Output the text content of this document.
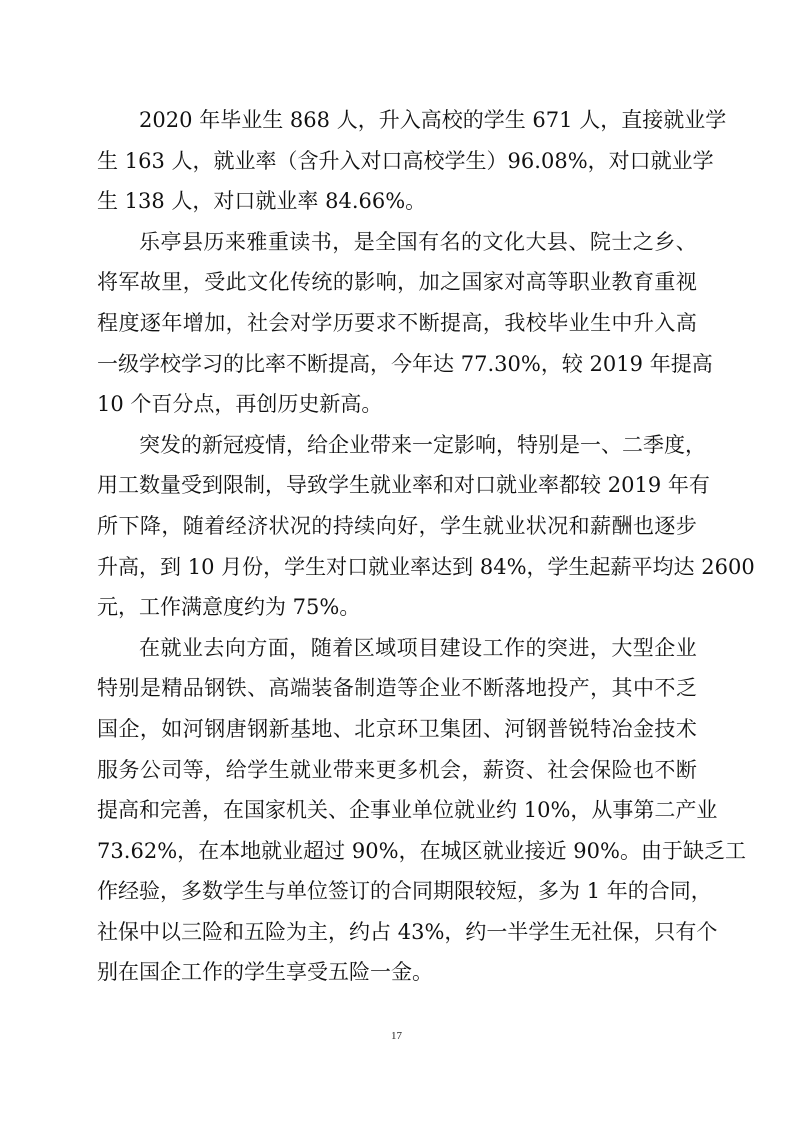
2 0 2 0
年 毕 业 生
8 6 8
人 ， 升 入 高 校 的 学 生
6 7 1
人 ， 直 接 就 业 学
生
1 6 3
人 ， 就 业 率 （ 含 升 入 对 口 高 校 学 生 ） 9 6 . 0 8 % ， 对 口 就 业 学
生 138 人，对口就业率 84.66%。
乐 亭 县 历 来 雅 重 读 书 ， 是 全 国 有 名 的 文 化 大 县 、 院 士 之 乡 、
将 军 故 里 ， 受 此 文 化 传 统 的 影 响 ， 加 之 国 家 对 高 等 职 业 教 育 重 视
程 度 逐 年 增 加 ， 社 会 对 学 历 要 求 不 断 提 高 ， 我 校 毕 业 生 中 升 入 高
一 级 学 校 学 习 的 比 率 不 断 提 高 ， 今 年 达
7 7 . 3 0 % ， 较
2 0 1 9
年 提 高
10 个百分点，再创历史新高。
突 发 的 新 冠 疫 情 ， 给 企 业 带 来 一 定 影 响 ， 特 别 是 一 、 二 季 度 ，
用 工 数 量 受 到 限 制 ， 导 致 学 生 就 业 率 和 对 口 就 业 率 都 较
2 0 1 9
年 有
所 下 降 ， 随 着 经 济 状 况 的 持 续 向 好 ， 学 生 就 业 状 况 和 薪 酬 也 逐 步
升 高 ， 到
1 0
月 份 ， 学 生 对 口 就 业 率 达 到
8 4 % ， 学 生 起 薪 平 均 达
2 6 0 0
元，工作满意度约为 75%。
在 就 业 去 向 方 面 ， 随 着 区 域 项 目 建 设 工 作 的 突 进 ， 大 型 企 业
特 别 是 精 品 钢 铁 、 高 端 装 备 制 造 等 企 业 不 断 落 地 投 产 ， 其 中 不 乏
国 企 ， 如 河 钢 唐 钢 新 基 地 、 北 京 环 卫 集 团 、 河 钢 普 锐 特 冶 金 技 术
服 务 公 司 等 ， 给 学 生 就 业 带 来 更 多 机 会 ， 薪 资 、 社 会 保 险 也 不 断
提 高 和 完 善 ， 在 国 家 机 关 、 企 事 业 单 位 就 业 约
1 0 % ， 从 事 第 二 产 业
7 3 . 6 2 % ， 在 本 地 就 业 超 过
9 0 % ， 在 城 区 就 业 接 近
9 0 % 。 由 于 缺 乏 工
作 经 验 ， 多 数 学 生 与 单 位 签 订 的 合 同 期 限 较 短 ， 多 为
1
年 的 合 同 ，
社 保 中 以 三 险 和 五 险 为 主 ， 约 占
4 3 % ， 约 一 半 学 生 无 社 保 ， 只 有 个
别在国企工作的学生享受五险一金。
17
